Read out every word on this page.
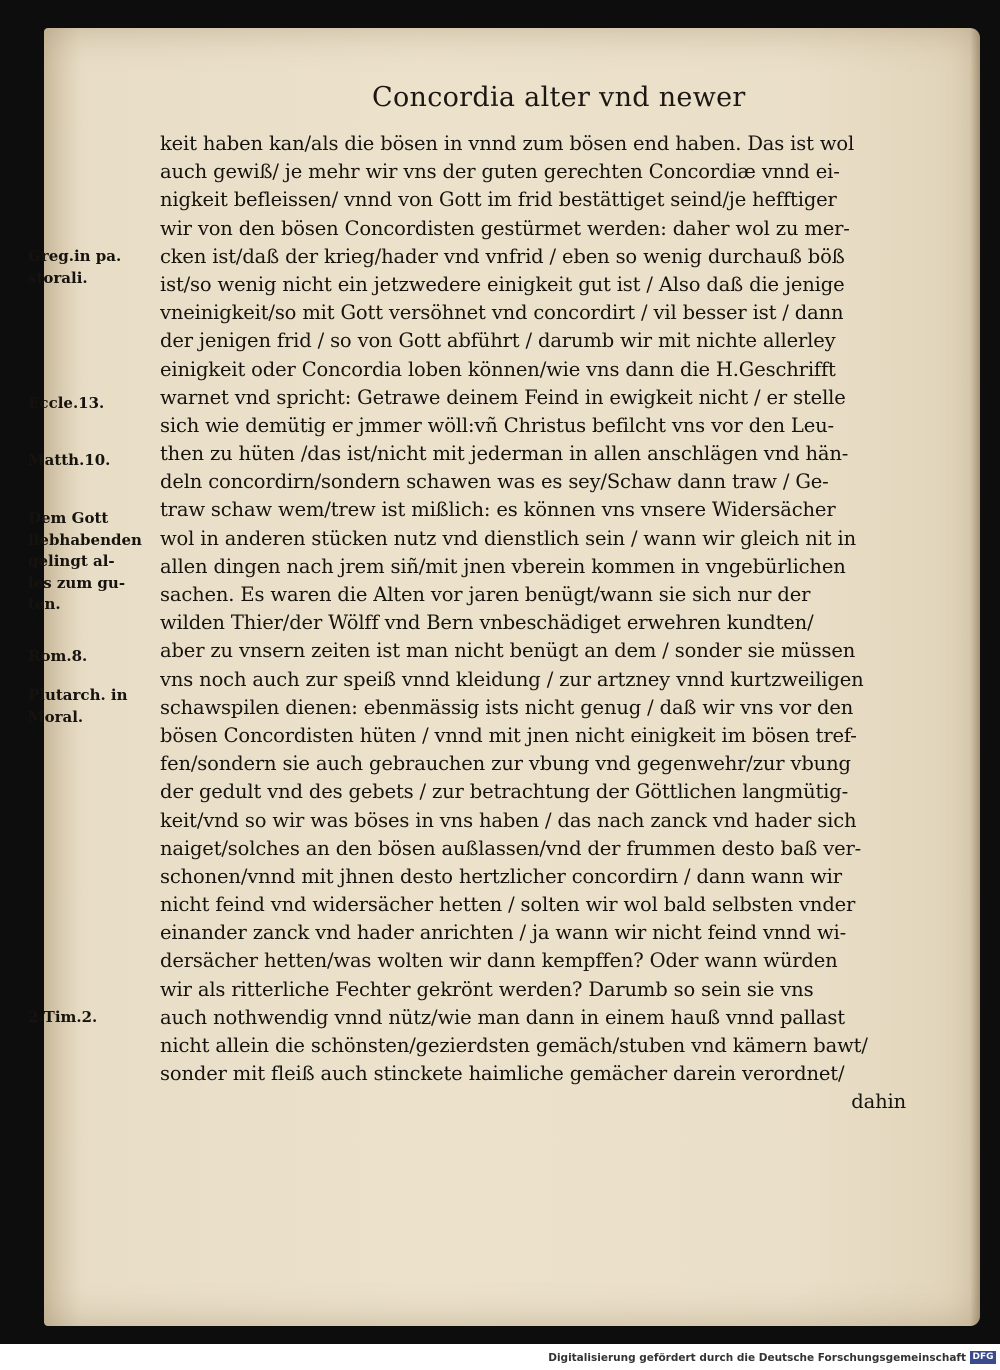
Concordia alter vnd newer
Greg.in pa.
storali.
Eccle.13.
Matth.10.
Dem Gott
liebhabenden
gelingt al-
les zum gu-
ten.
Rom.8.
Plutarch. in
Moral.
2.Tim.2.
keit haben kan/als die bösen in vnnd zum bösen end haben. Das ist wol
auch gewiß/ je mehr wir vns der guten gerechten Concordiæ vnnd ei-
nigkeit befleissen/ vnnd von Gott im frid bestättiget seind/je hefftiger
wir von den bösen Concordisten gestürmet werden: daher wol zu mer-
cken ist/daß der krieg/hader vnd vnfrid / eben so wenig durchauß böß
ist/so wenig nicht ein jetzwedere einigkeit gut ist / Also daß die jenige
vneinigkeit/so mit Gott versöhnet vnd concordirt / vil besser ist / dann
der jenigen frid / so von Gott abführt / darumb wir mit nichte allerley
einigkeit oder Concordia loben können/wie vns dann die H.Geschrifft
warnet vnd spricht: Getrawe deinem Feind in ewigkeit nicht / er stelle
sich wie demütig er jmmer wöll:vñ Christus befilcht vns vor den Leu-
then zu hüten /das ist/nicht mit jederman in allen anschlägen vnd hän-
deln concordirn/sondern schawen was es sey/Schaw dann traw / Ge-
traw schaw wem/trew ist mißlich: es können vns vnsere Widersächer
wol in anderen stücken nutz vnd dienstlich sein / wann wir gleich nit in
allen dingen nach jrem siñ/mit jnen vberein kommen in vngebürlichen
sachen. Es waren die Alten vor jaren benügt/wann sie sich nur der
wilden Thier/der Wölff vnd Bern vnbeschädiget erwehren kundten/
aber zu vnsern zeiten ist man nicht benügt an dem / sonder sie müssen
vns noch auch zur speiß vnnd kleidung / zur artzney vnnd kurtzweiligen
schawspilen dienen: ebenmässig ists nicht genug / daß wir vns vor den
bösen Concordisten hüten / vnnd mit jnen nicht einigkeit im bösen tref-
fen/sondern sie auch gebrauchen zur vbung vnd gegenwehr/zur vbung
der gedult vnd des gebets / zur betrachtung der Göttlichen langmütig-
keit/vnd so wir was böses in vns haben / das nach zanck vnd hader sich
naiget/solches an den bösen außlassen/vnd der frummen desto baß ver-
schonen/vnnd mit jhnen desto hertzlicher concordirn / dann wann wir
nicht feind vnd widersächer hetten / solten wir wol bald selbsten vnder
einander zanck vnd hader anrichten / ja wann wir nicht feind vnnd wi-
dersächer hetten/was wolten wir dann kempffen? Oder wann würden
wir als ritterliche Fechter gekrönt werden? Darumb so sein sie vns
auch nothwendig vnnd nütz/wie man dann in einem hauß vnnd pallast
nicht allein die schönsten/gezierdsten gemäch/stuben vnd kämern bawt/
sonder mit fleiß auch stinckete haimliche gemächer darein verordnet/
dahin
Digitalisierung gefördert durch die Deutsche Forschungsgemeinschaft DFG
